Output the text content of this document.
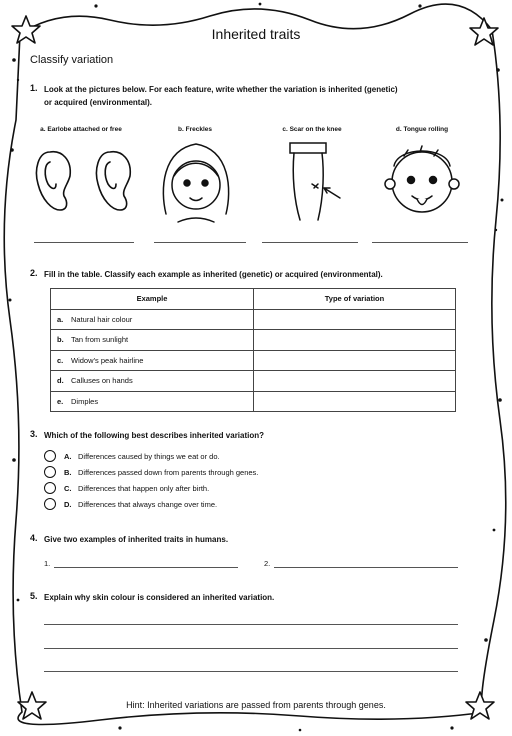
Inherited traits
Classify variation
1. Look at the pictures below. For each feature, write whether the variation is inherited (genetic)
or acquired (environmental).
a. Earlobe attached or free	b. Freckles	c. Scar on the knee	d. Tongue rolling
2. Fill in the table. Classify each example as inherited (genetic) or acquired (environmental).
Example	Type of variation
a. Natural hair colour	
b. Tan from sunlight	
c. Widow’s peak hairline	
d. Calluses on hands	
e. Dimples	
3. Which of the following best describes inherited variation?
A. Differences caused by things we eat or do.
B. Differences passed down from parents through genes.
C. Differences that happen only after birth.
D. Differences that always change over time.
4. Give two examples of inherited traits in humans.
1.	2.
5. Explain why skin colour is considered an inherited variation.
Hint: Inherited variations are passed from parents through genes.
